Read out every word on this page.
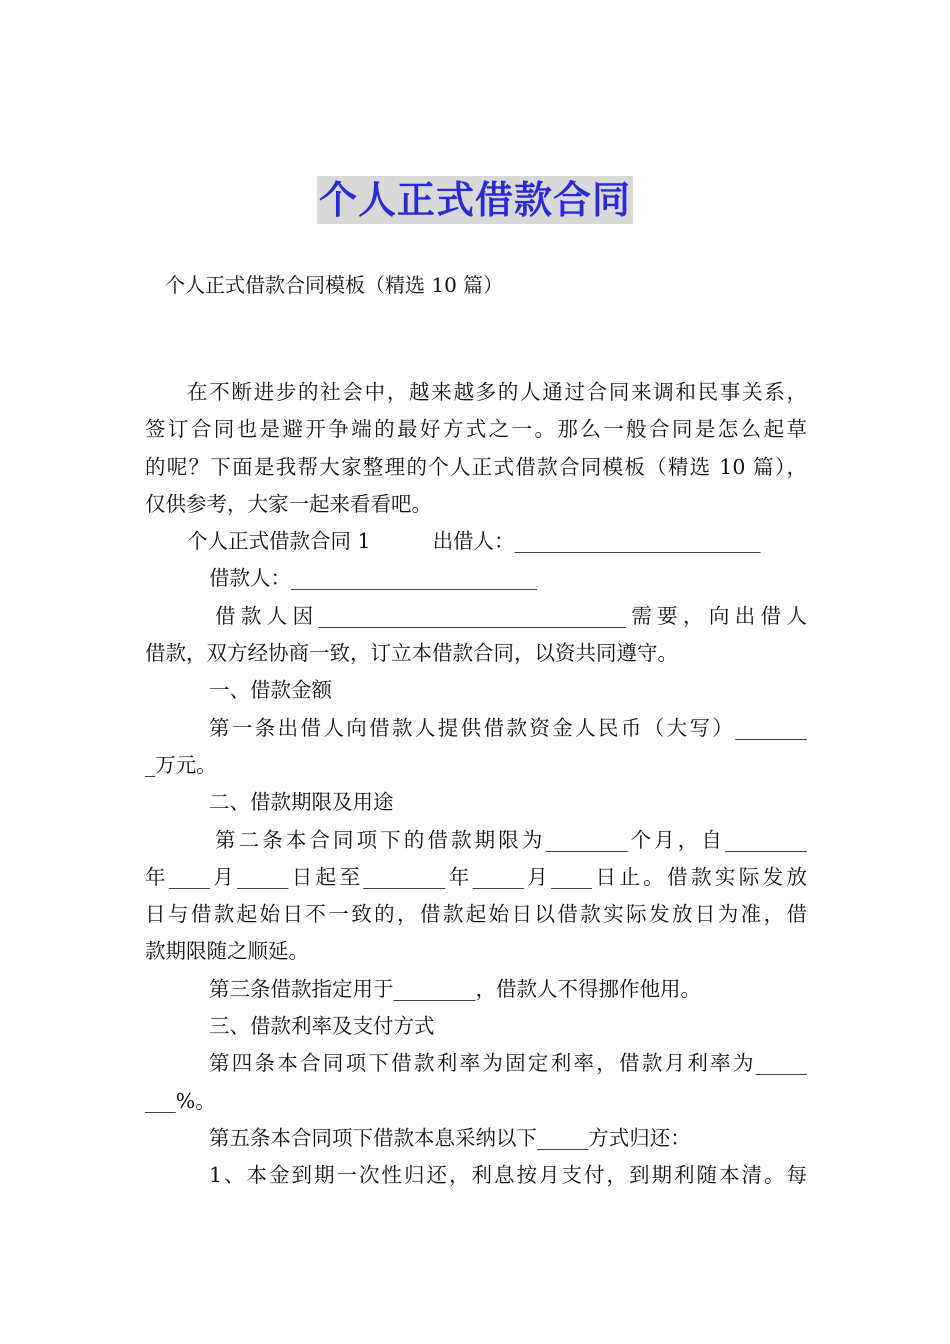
个人正式借款合同
个人正式借款合同模板（精选 10 篇）

在不断进步的社会中，越来越多的人通过合同来调和民事关系，

签订合同也是避开争端的最好方式之一。那么一般合同是怎么起草

的呢？下面是我帮大家整理的个人正式借款合同模板（精选 10 篇），

仅供参考，大家一起来看看吧。

个人正式借款合同 1	出借人：________________________

借款人：________________________

借款人因______________________________需要，向出借人

借款，双方经协商一致，订立本借款合同，以资共同遵守。

一、借款金额

第一条出借人向借款人提供借款资金人民币（大写）_______

_万元。

二、借款期限及用途

第二条本合同项下的借款期限为________个月，自________

年____月_____日起至________年_____月____日止。借款实际发放

日与借款起始日不一致的，借款起始日以借款实际发放日为准，借

款期限随之顺延。

第三条借款指定用于________，借款人不得挪作他用。

三、借款利率及支付方式

第四条本合同项下借款利率为固定利率，借款月利率为_____

___%。

第五条本合同项下借款本息采纳以下_____方式归还：

1、本金到期一次性归还，利息按月支付，到期利随本清。每
